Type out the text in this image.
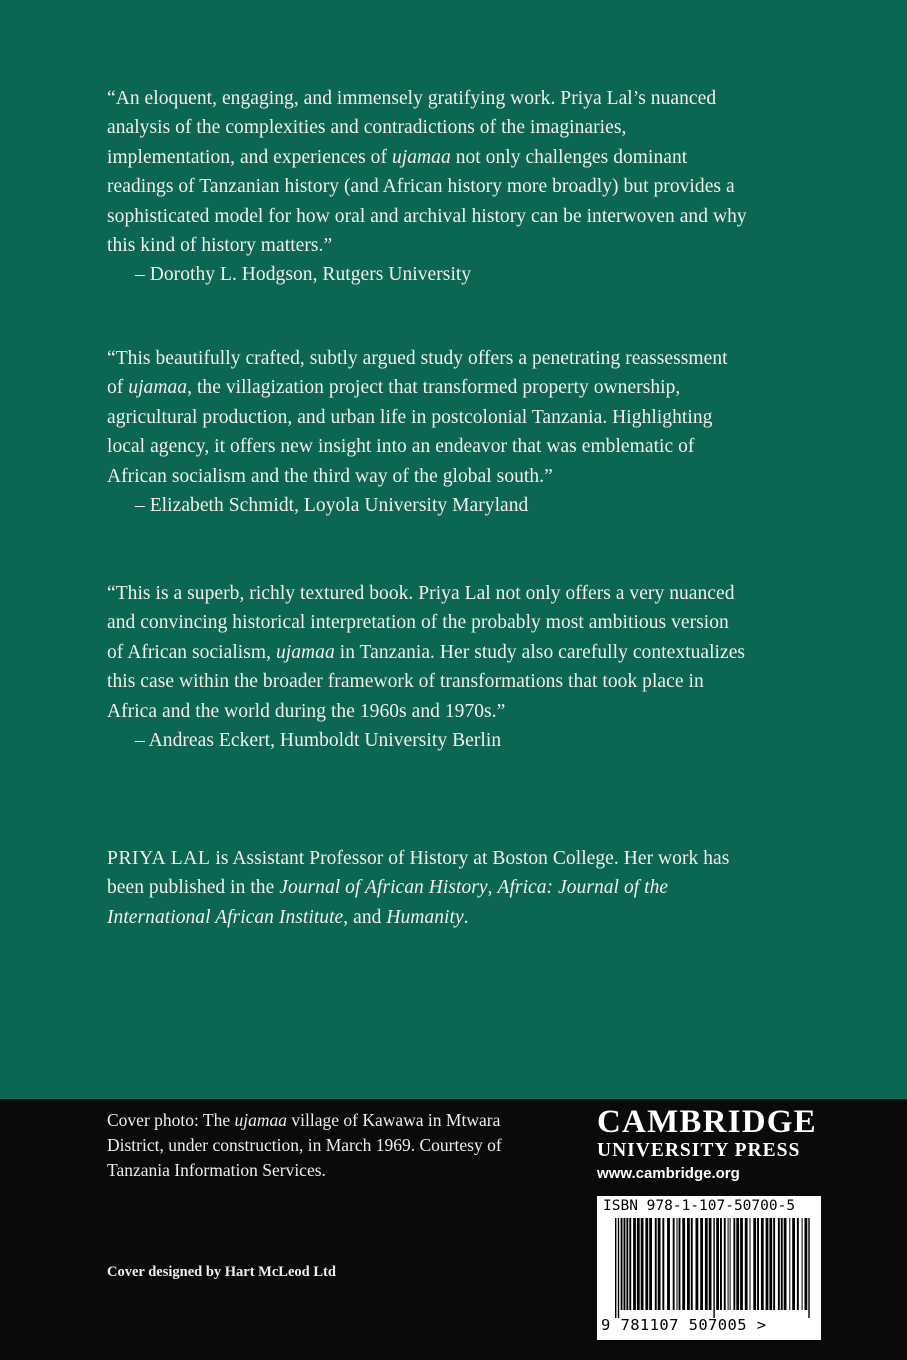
“An eloquent, engaging, and immensely gratifying work. Priya Lal’s nuanced analysis of the complexities and contradictions of the imaginaries, implementation, and experiences of ujamaa not only challenges dominant readings of Tanzanian history (and African history more broadly) but provides a sophisticated model for how oral and archival history can be interwoven and why this kind of history matters.”

– Dorothy L. Hodgson, Rutgers University

“This beautifully crafted, subtly argued study offers a penetrating reassessment of ujamaa, the villagization project that transformed property ownership, agricultural production, and urban life in postcolonial Tanzania. Highlighting local agency, it offers new insight into an endeavor that was emblematic of African socialism and the third way of the global south.”

– Elizabeth Schmidt, Loyola University Maryland

“This is a superb, richly textured book. Priya Lal not only offers a very nuanced and convincing historical interpretation of the probably most ambitious version of African socialism, ujamaa in Tanzania. Her study also carefully contextualizes this case within the broader framework of transformations that took place in Africa and the world during the 1960s and 1970s.”

– Andreas Eckert, Humboldt University Berlin

PRIYA LAL is Assistant Professor of History at Boston College. Her work has been published in the Journal of African History, Africa: Journal of the International African Institute, and Humanity.

Cover photo: The ujamaa village of Kawawa in Mtwara District, under construction, in March 1969. Courtesy of Tanzania Information Services.
Cover designed by Hart McLeod Ltd
CAMBRIDGE
UNIVERSITY PRESS
www.cambridge.org
ISBN 978-1-107-50700-5
9 781107 507005 >
